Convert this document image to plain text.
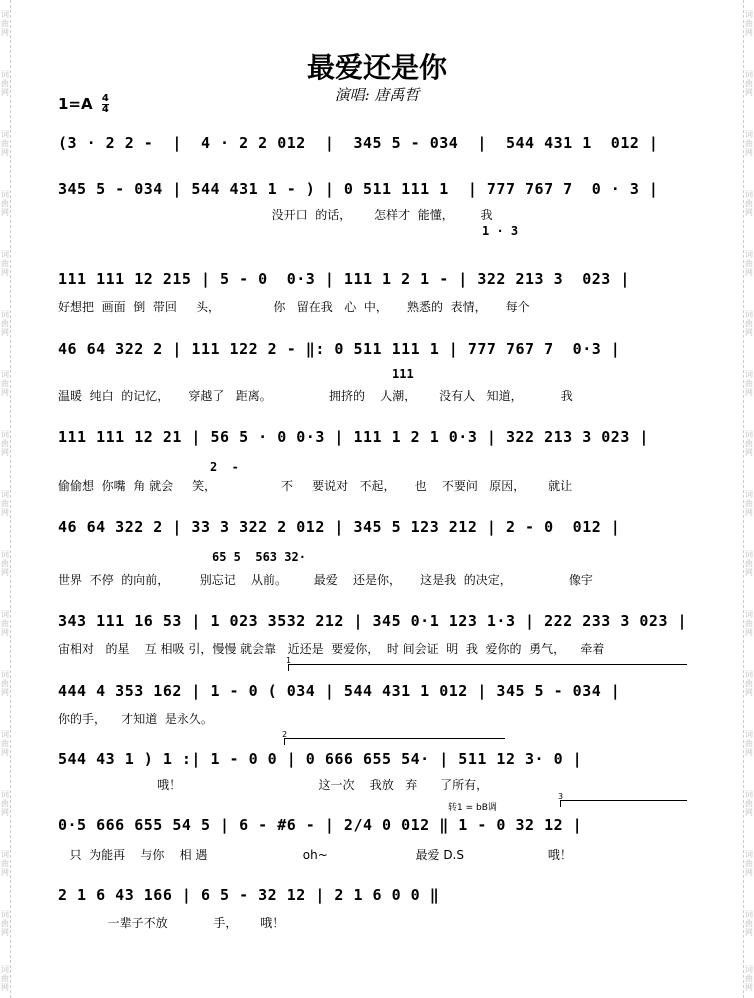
词曲网
词曲网
词曲网
词曲网
词曲网
词曲网
词曲网
词曲网
词曲网
词曲网
词曲网
词曲网
词曲网
词曲网
词曲网
词曲网
词曲网
词曲网
词曲网
词曲网
词曲网
词曲网
词曲网
词曲网
词曲网
词曲网
词曲网
词曲网
词曲网
词曲网
词曲网
词曲网
词曲网
词曲网
最爱还是你
演唱: 唐禹哲
$1=A \frac{4}{4}$
(3 · 2 2 -  |  4 · 2 2 012  |  345 5 - 034  |  544 431 1  012 |
345 5 - 034 | 544 431 1 - ) | 0 511 111 1  | 777 767 7  0 · 3 |
没开口  的话，      怎样才  能懂，       我
1 · 3
111 111 12 215 | 5 - 0  0·3 | 111 1 2 1 - | 322 213 3  023 |
好想把  画面  倒  带回     头，              你   留在我   心  中，     熟悉的  表情，     每个
46 64 322 2 | 111 122 2 - ‖: 0 511 111 1 | 777 767 7  0·3 |
111
温暖  纯白  的记忆，     穿越了   距离。               拥挤的    人潮，      没有人   知道，          我
111 111 12 21 | 56 5 · 0 0·3 | 111 1 2 1 0·3 | 322 213 3 023 |
2  -
偷偷想  你嘴  角 就会     笑，                 不     要说对   不起，     也    不要问   原因，      就让
46 64 322 2 | 33 3 322 2 012 | 345 5 123 212 | 2 - 0  012 |
65 5  563 32·
世界  不停  的向前，        别忘记    从前。       最爱    还是你，     这是我  的决定，               像宇
343 111 16 53 | 1 023 3532 212 | 345 0·1 123 1·3 | 222 233 3 023 |
宙相对   的星    互 相吸 引，慢慢 就会靠   近还是  要爱你，  时 间会证  明  我  爱你的  勇气，    牵着
1
444 4 353 162 | 1 - 0 ( 034 | 544 431 1 012 | 345 5 - 034 |
你的手，    才知道  是永久。
2
544 43 1 ) 1 :| 1 - 0 0 | 0 666 655 54· | 511 12 3· 0 |
哦！                                    这一次    我放   弃      了所有，
转1 = bB调
3
0·5 666 655 54 5 | 6 - #6 - | 2/4 0 012 ‖ 1 - 0 32 12 |
只  为能再    与你    相 遇                         oh~                       最爱 D.S                      哦！
2 1 6 43 166 | 6 5 - 32 12 | 2 1 6 0 0 ‖
一辈子不放            手，      哦！
